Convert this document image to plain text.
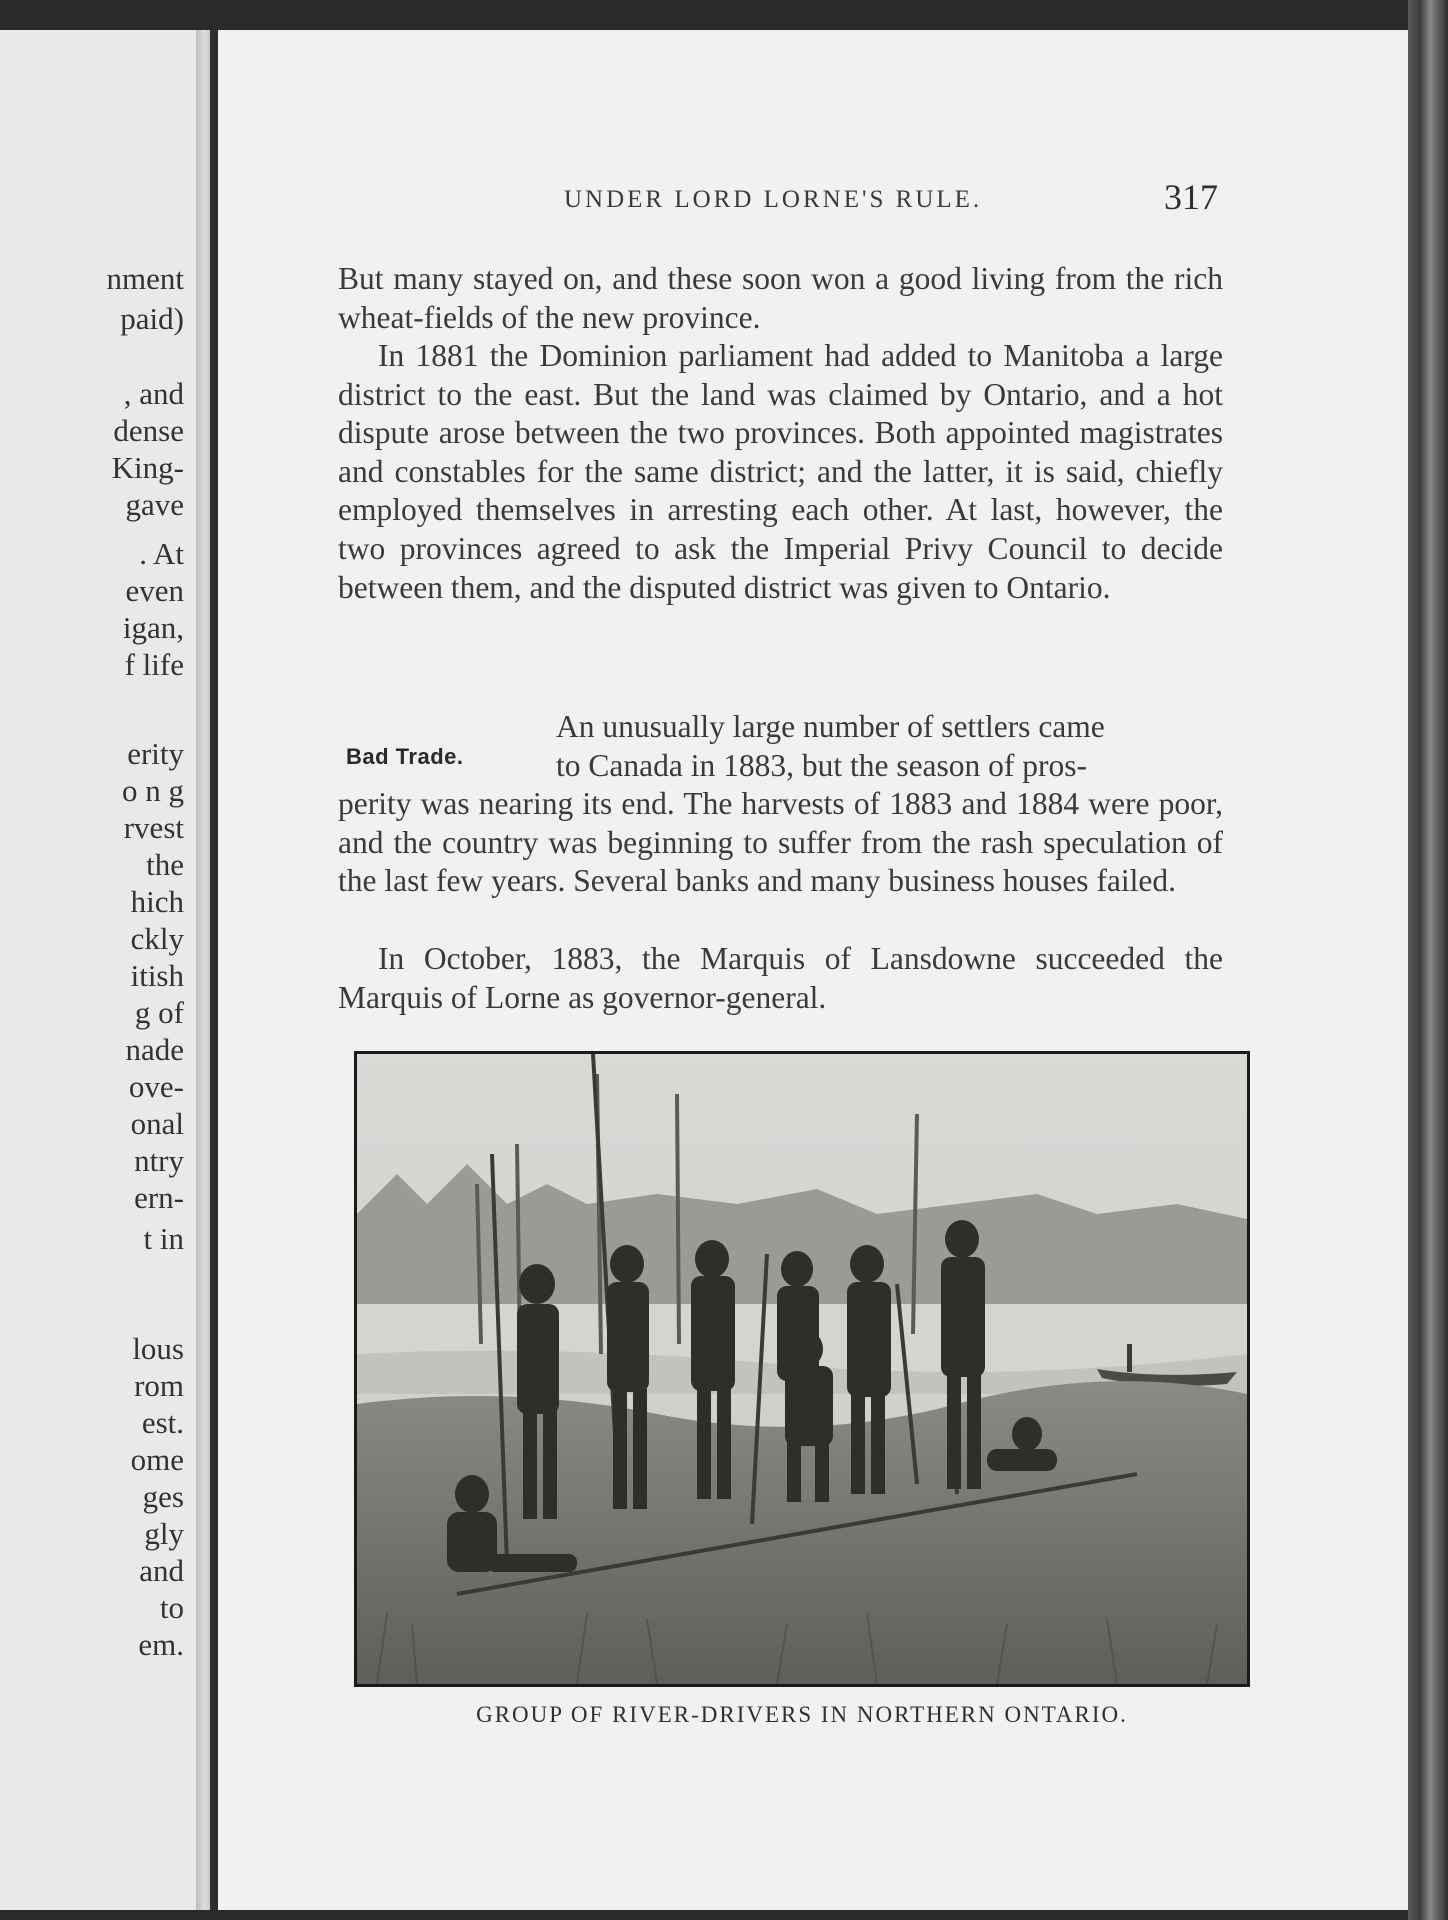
nment
paid)
, and
dense
King-
gave
. At
even
igan,
f life
erity
o n g
rvest
the
hich
ckly
itish
g of
nade
ove-
onal
ntry
ern-
t in
lous
rom
est.
ome
ges
gly
and
to
em.
UNDER LORD LORNE'S RULE.	317

But many stayed on, and these soon won a good living from the rich wheat-fields of the new province.

In 1881 the Dominion parliament had added to Manitoba a large district to the east. But the land was claimed by Ontario, and a hot dispute arose between the two provinces. Both appointed magistrates and constables for the same district; and the latter, it is said, chiefly employed themselves in arresting each other. At last, however, the two provinces agreed to ask the Imperial Privy Council to decide between them, and the disputed district was given to Ontario.

Bad Trade.
An unusually large number of settlers came
to Canada in 1883, but the season of pros-
perity was nearing its end. The harvests of 1883 and 1884 were poor, and the country was beginning to suffer from the rash speculation of the last few years. Several banks and many business houses failed.

In October, 1883, the Marquis of Lansdowne succeeded the Marquis of Lorne as governor-general.

GROUP OF RIVER-DRIVERS IN NORTHERN ONTARIO.
